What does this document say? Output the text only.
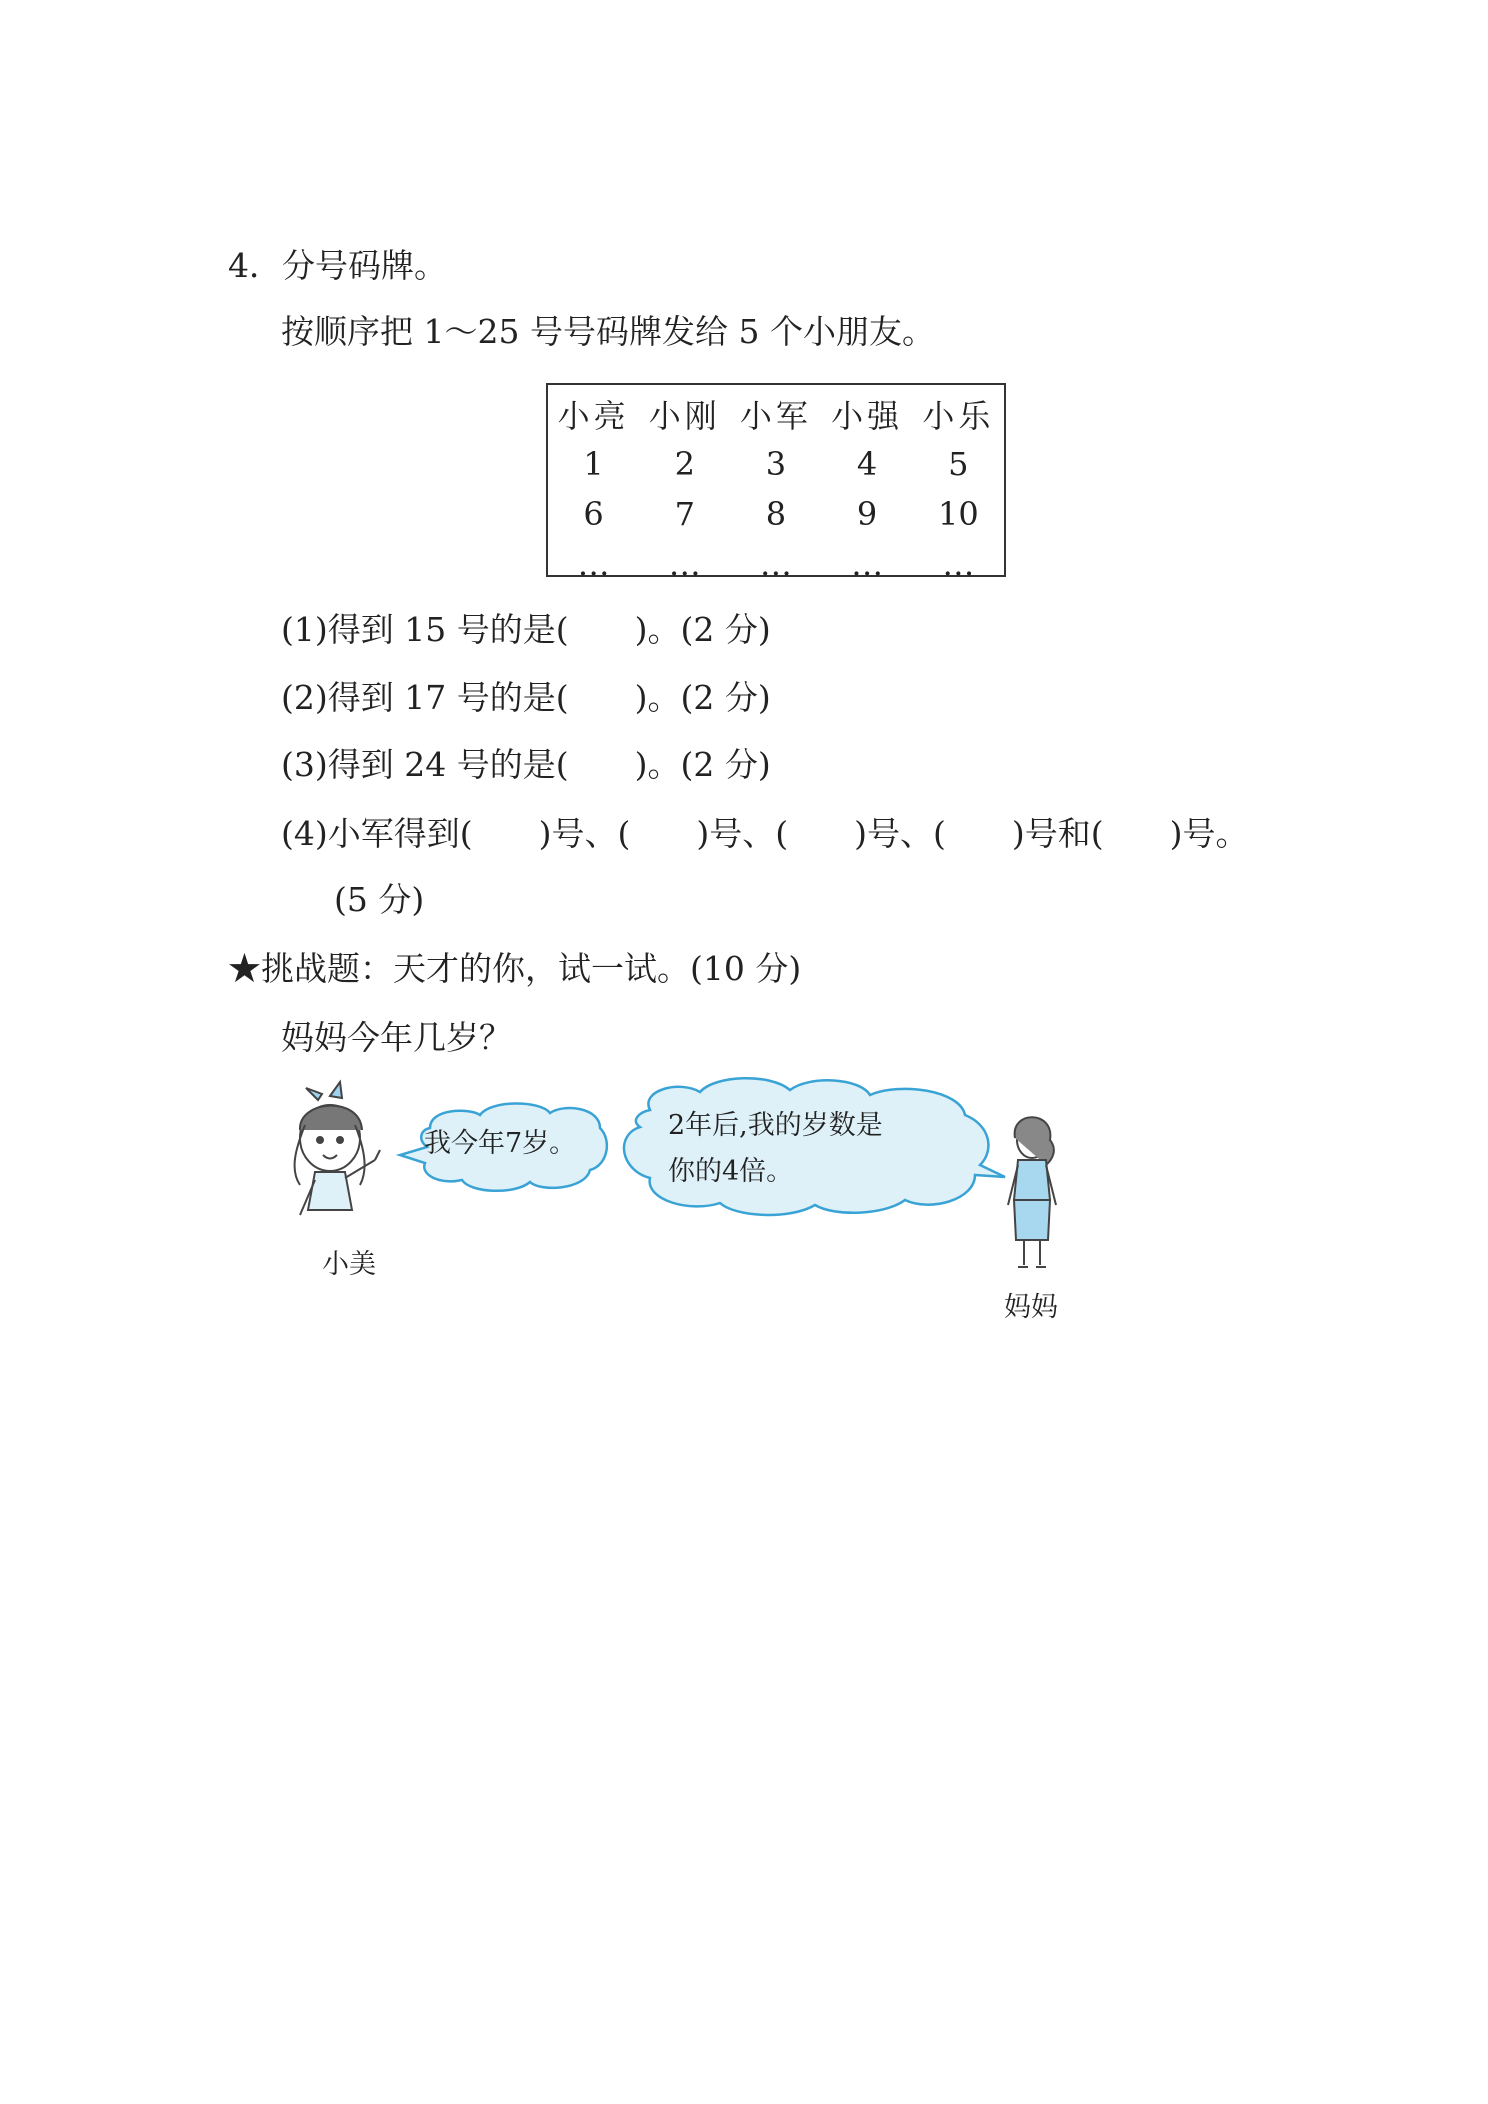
4．分号码牌。
按顺序把 1～25 号号码牌发给 5 个小朋友。
小亮	小刚	小军	小强	小乐
1	2	3	4	5
6	7	8	9	10
…	…	…	…	…
(1)得到 15 号的是(　　)。(2 分)
(2)得到 17 号的是(　　)。(2 分)
(3)得到 24 号的是(　　)。(2 分)
(4)小军得到(　　)号、(　　)号、(　　)号、(　　)号和(　　)号。
(5 分)
★挑战题：天才的你，试一试。(10 分)
妈妈今年几岁？
我今年7岁。
2年后,我的岁数是
你的4倍。
小美
妈妈
